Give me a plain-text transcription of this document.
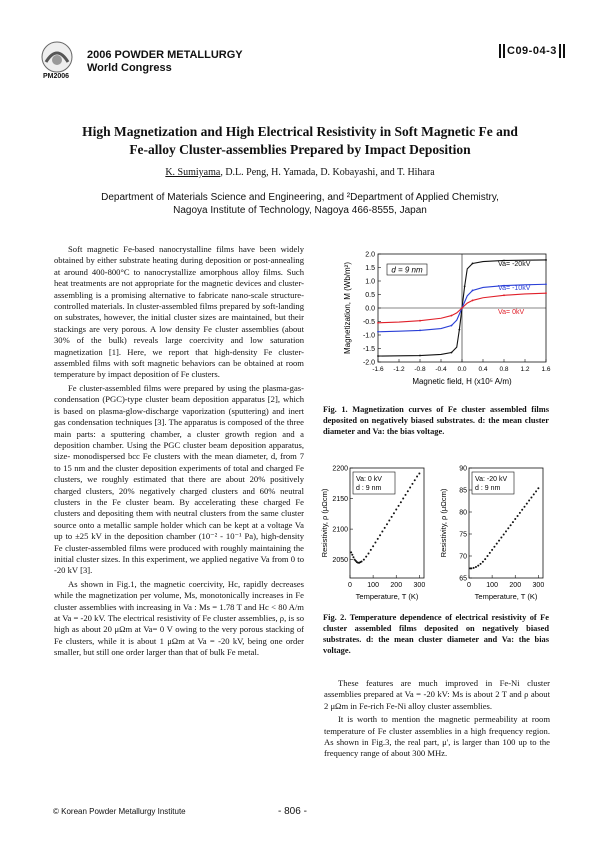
PM2006
2006 POWDER METALLURGY
World Congress
C09-04-3
High Magnetization and High Electrical Resistivity in Soft Magnetic Fe and
Fe-alloy Cluster-assemblies Prepared by Impact Deposition
K. Sumiyama, D.L. Peng, H. Yamada, D. Kobayashi, and T. Hihara
Department of Materials Science and Engineering, and ²Department of Applied Chemistry,
Nagoya Institute of Technology, Nagoya 466-8555, Japan

Soft magnetic Fe-based nanocrystalline films have been widely obtained by either substrate heating during deposition or post-annealing at around 400-800°C to nanocrystallize amorphous alloy films. Such heat treatments are not appropriate for the magnetic devices and cluster-assembling is a promising alternative to fabricate nano-scale structure-controlled materials. In cluster-assembled films prepared by soft-landing on substrates, however, the initial cluster sizes are maintained, but their stackings are very porous. A low density Fe cluster assemblies (about 30% of the bulk) reveals large coercivity and low saturation magnetization [1]. Here, we report that high-density Fe cluster-assembled films with soft magnetic behaviors can be obtained at room temperature by impact deposition of Fe clusters.

Fe cluster-assembled films were prepared by using the plasma-gas-condensation (PGC)-type cluster beam deposition apparatus [2], which is based on plasma-glow-discharge vaporization (sputtering) and inert gas condensation techniques [3]. The apparatus is composed of the three main parts: a sputtering chamber, a cluster growth region and a deposition chamber. Using the PGC cluster beam deposition apparatus, size- monodispersed bcc Fe clusters with the mean diameter, d, from 7 to 15 nm and the cluster deposition experiments of total and charged Fe clusters, we roughly estimated that there are about 20% positively charged clusters, 20% negatively charged clusters and 60% neutral clusters in the Fe cluster beam. By accelerating these charged Fe clusters and depositing them with neutral clusters from the same cluster source onto a metallic sample holder which can be kept at a voltage Va up to ±25 kV in the deposition chamber (10⁻² - 10⁻¹ Pa), high-density Fe cluster-assembled films were produced with roughly maintaining the initial cluster sizes. In this experiment, we applied negative Va from 0 to -20 kV [3].

As shown in Fig.1, the magnetic coercivity, Hc, rapidly decreases while the magnetization per volume, Ms, monotonically increases in Fe cluster assemblies with increasing in Va : Ms = 1.78 T and Hc < 80 A/m at Va = -20 kV. The electrical resistivity of Fe cluster assemblies, ρ, is so high as about 20 μΩm at Va= 0 V owing to the very porous stacking of Fe clusters, while it is about 1 μΩm at Va = -20 kV, being one order smaller, but still one order larger than that of bulk Fe metal.

2.0
1.5
1.0
0.5
0.0
-0.5
-1.0
-1.5
-2.0
-1.6 -1.2 -0.8 -0.4 0.0 0.4 0.8 1.2 1.6
Magnetic field, H (x10⁵ A/m)
Magnetization, M (Wb/m²)	d = 9 nm
Va= -20kV
Va= -10kV
Va= 0kV
Fig. 1. Magnetization curves of Fe cluster assembled films deposited on negatively biased substrates. d: the mean cluster diameter and Va: the bias voltage.
2200
2150
2100
2050
0 100 200 300
Temperature, T (K)
Resistivity, ρ (μΩcm)
Va: 0 kV
d : 9 nm
90
85
80
75
70
65
0 100 200 300
Temperature, T (K)
Resistivity, ρ (μΩcm)
Va: -20 kV
d : 9 nm
Fig. 2. Temperature dependence of electrical resistivity of Fe cluster assembled films deposited on negatively biased substrates. d: the mean cluster diameter and Va: the bias voltage.

These features are much improved in Fe-Ni cluster assemblies prepared at Va = -20 kV: Ms is about 2 T and ρ about 2 μΩm in Fe-rich Fe-Ni alloy cluster assemblies.

It is worth to mention the magnetic permeability at room temperature of Fe cluster assemblies in a high frequency region. As shown in Fig.3, the real part, μ', is larger than 100 up to the frequency range of about 300 MHz.

© Korean Powder Metallurgy Institute	- 806 -
